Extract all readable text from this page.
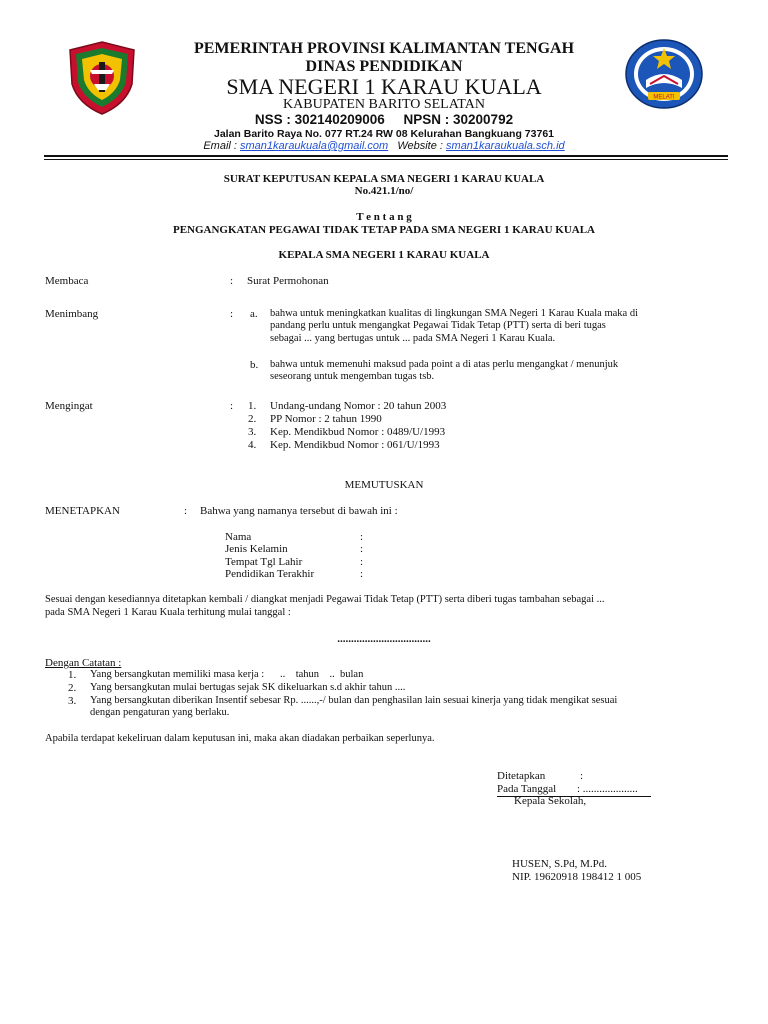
MELATI
PEMERINTAH PROVINSI KALIMANTAN TENGAH
DINAS PENDIDIKAN
SMA NEGERI 1 KARAU KUALA
KABUPATEN BARITO SELATAN
NSS : 302140209006     NPSN : 30200792
Jalan Barito Raya No. 077 RT.24 RW 08 Kelurahan Bangkuang 73761
Email : sman1karaukuala@gmail.com Website : sman1karaukuala.sch.id
SURAT KEPUTUSAN KEPALA SMA NEGERI 1 KARAU KUALA
No.421.1/no/
T e n t a n g
PENGANGKATAN PEGAWAI TIDAK TETAP PADA SMA NEGERI 1 KARAU KUALA
KEPALA SMA NEGERI 1 KARAU KUALA
Membaca	: Surat Permohonan
Menimbang	: a. bahwa untuk meningkatkan kualitas di lingkungan SMA Negeri 1 Karau Kuala maka di
pandang perlu untuk mengangkat Pegawai Tidak Tetap (PTT) serta di beri tugas
sebagai ... yang bertugas untuk ... pada SMA Negeri 1 Karau Kuala.
b. bahwa untuk memenuhi maksud pada point a di atas perlu mengangkat / menunjuk
seseorang untuk mengemban tugas tsb.
Mengingat	: 1. Undang-undang Nomor : 20 tahun 2003
2. PP Nomor : 2 tahun 1990
3. Kep. Mendikbud Nomor : 0489/U/1993
4. Kep. Mendikbud Nomor : 061/U/1993
MEMUTUSKAN
MENETAPKAN	: Bahwa yang namanya tersebut di bawah ini :
Nama	:
Jenis Kelamin	:
Tempat Tgl Lahir	:
Pendidikan Terakhir	:
Sesuai dengan kesediannya ditetapkan kembali / diangkat menjadi Pegawai Tidak Tetap (PTT) serta diberi tugas tambahan sebagai ...
pada SMA Negeri 1 Karau Kuala terhitung mulai tanggal :
..................................
Dengan Catatan :
1. Yang bersangkutan memiliki masa kerja :      ..    tahun    ..  bulan
2. Yang bersangkutan mulai bertugas sejak SK dikeluarkan s.d akhir tahun ....
3. Yang bersangkutan diberikan Insentif sebesar Rp. ......,-/ bulan dan penghasilan lain sesuai kinerja yang tidak mengikat sesuai
dengan pengaturan yang berlaku.
Apabila terdapat kekeliruan dalam keputusan ini, maka akan diadakan perbaikan seperlunya.
Ditetapkan	:
Pada Tanggal : ....................
Kepala Sekolah,
HUSEN, S.Pd, M.Pd.
NIP. 19620918 198412 1 005
